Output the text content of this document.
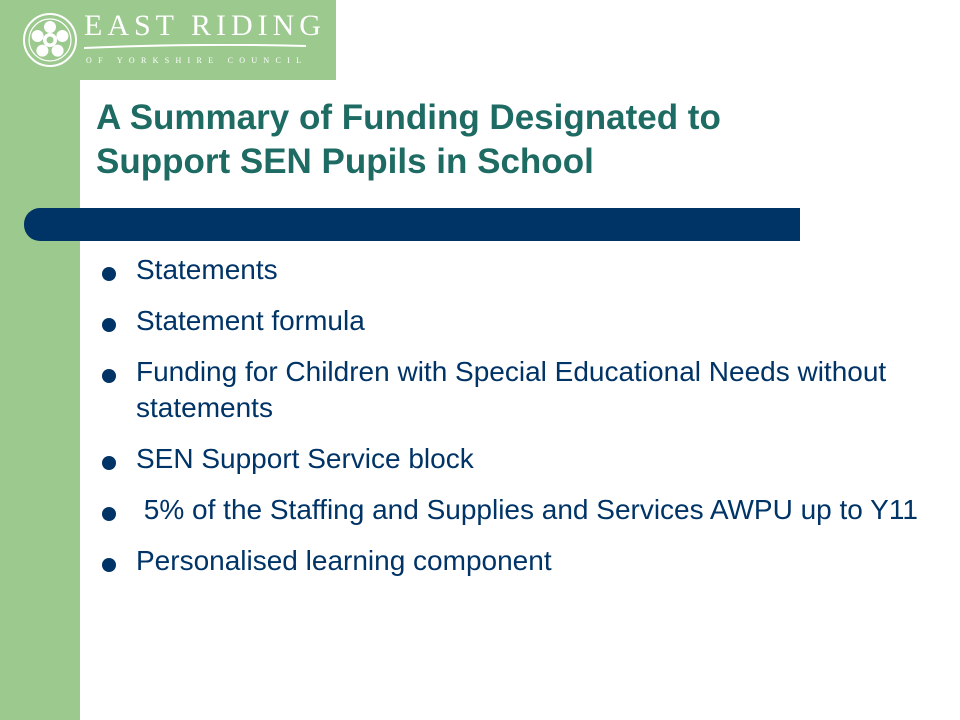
EAST RIDING
OF YORKSHIRE COUNCIL
A Summary of Funding Designated to
Support SEN Pupils in School
Statements
Statement formula
Funding for Children with Special Educational Needs without statements
SEN Support Service block
5% of the Staffing and Supplies and Services AWPU up to Y11
Personalised learning component
